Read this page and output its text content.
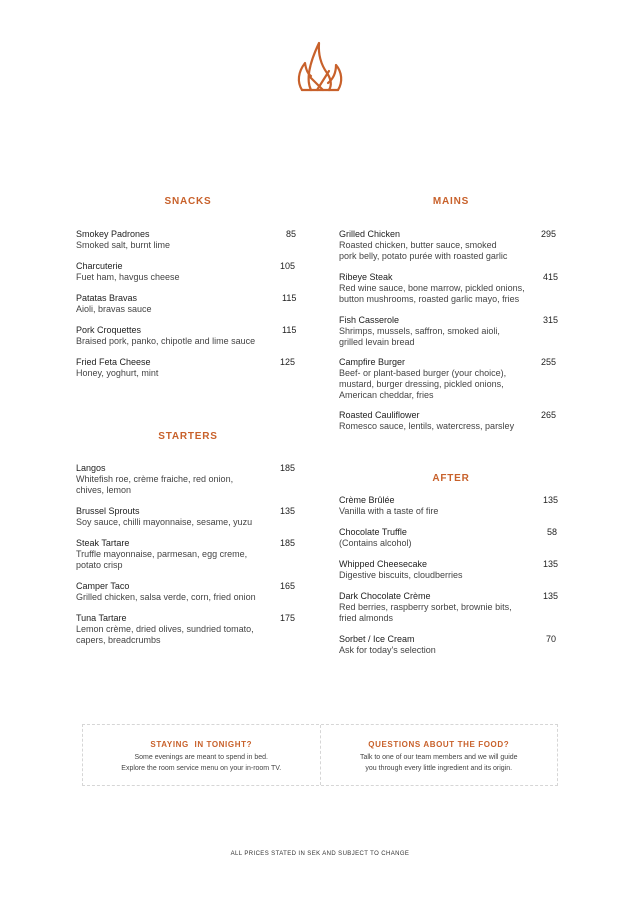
SNACKS
Smokey Padrones
Smoked salt, burnt lime
85
Charcuterie
Fuet ham, havgus cheese
105
Patatas Bravas
Aioli, bravas sauce
115
Pork Croquettes
Braised pork, panko, chipotle and lime sauce
115
Fried Feta Cheese
Honey, yoghurt, mint
125
STARTERS
Langos
Whitefish roe, crème fraiche, red onion,
chives, lemon
185
Brussel Sprouts
Soy sauce, chilli mayonnaise, sesame, yuzu
135
Steak Tartare
Truffle mayonnaise, parmesan, egg creme,
potato crisp
185
Camper Taco
Grilled chicken, salsa verde, corn, fried onion
165
Tuna Tartare
Lemon crème, dried olives, sundried tomato,
capers, breadcrumbs
175
MAINS
Grilled Chicken
Roasted chicken, butter sauce, smoked
pork belly, potato purée with roasted garlic
295
Ribeye Steak
Red wine sauce, bone marrow, pickled onions,
button mushrooms, roasted garlic mayo, fries
415
Fish Casserole
Shrimps, mussels, saffron, smoked aioli,
grilled levain bread
315
Campfire Burger
Beef- or plant-based burger (your choice),
mustard, burger dressing, pickled onions,
American cheddar, fries
255
Roasted Cauliflower
Romesco sauce, lentils, watercress, parsley
265
AFTER
Crème Brûlée
Vanilla with a taste of fire
135
Chocolate Truffle
(Contains alcohol)
58
Whipped Cheesecake
Digestive biscuits, cloudberries
135
Dark Chocolate Crème
Red berries, raspberry sorbet, brownie bits,
fried almonds
135
Sorbet / Ice Cream
Ask for today's selection
70
STAYING  IN TONIGHT?
Some evenings are meant to spend in bed.
Explore the room service menu on your in-room TV.
QUESTIONS ABOUT THE FOOD?
Talk to one of our team members and we will guide
you through every little ingredient and its origin.
ALL PRICES STATED IN SEK AND SUBJECT TO CHANGE
